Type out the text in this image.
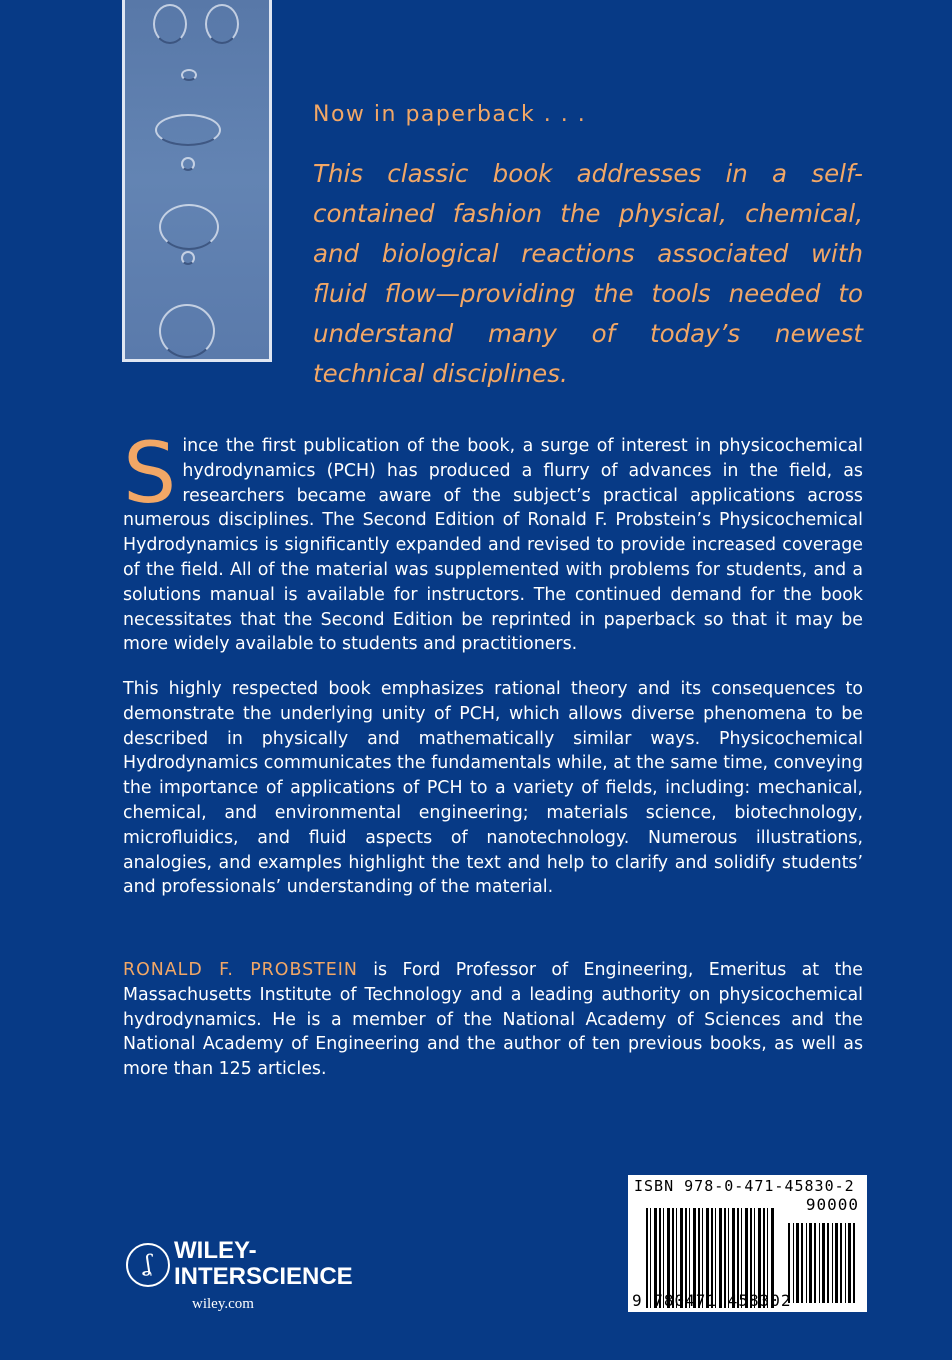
Now in paperback . . .
This classic book addresses in a self-contained fashion the physical, chemical, and biological reactions associated with fluid flow—providing the tools needed to understand many of today’s newest technical disciplines.
Since the first publication of the book, a surge of interest in physicochemical hydrodynamics (PCH) has produced a flurry of advances in the field, as researchers became aware of the subject’s practical applications across numerous disciplines. The Second Edition of Ronald F. Probstein’s Physicochemical Hydrodynamics is significantly expanded and revised to provide increased coverage of the field. All of the material was supplemented with problems for students, and a solutions manual is available for instructors. The continued demand for the book necessitates that the Second Edition be reprinted in paperback so that it may be more widely available to students and practitioners.
This highly respected book emphasizes rational theory and its consequences to demonstrate the underlying unity of PCH, which allows diverse phenomena to be described in physically and mathematically similar ways. Physicochemical Hydrodynamics communicates the fundamentals while, at the same time, conveying the importance of applications of PCH to a variety of fields, including: mechanical, chemical, and environmental engineering; materials science, biotechnology, microfluidics, and fluid aspects of nanotechnology. Numerous illustrations, analogies, and examples highlight the text and help to clarify and solidify students’ and professionals’ understanding of the material.
RONALD F. PROBSTEIN is Ford Professor of Engineering, Emeritus at the Massachusetts Institute of Technology and a leading authority on physicochemical hydrodynamics. He is a member of the National Academy of Sciences and the National Academy of Engineering and the author of ten previous books, as well as more than 125 articles.
ʆ
WILEY-
INTERSCIENCE
wiley.com
ISBN 978-0-471-45830-2
90000
9 780471 458302
